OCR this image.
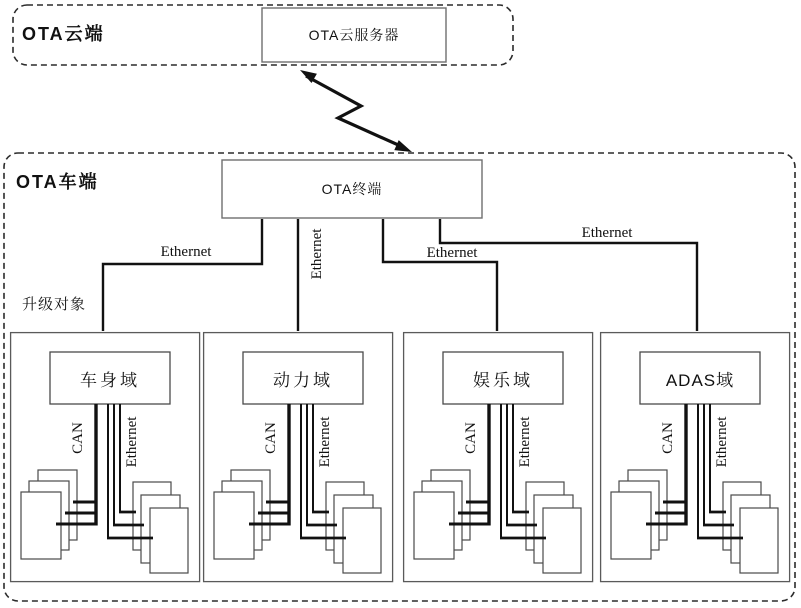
OTA云端	OTA云服务器
OTA车端	OTA终端
Ethernet	Ethernet	Ethernet
Ethernet
升级对象
车身域
CAN	Ethernet
动力域
CAN	Ethernet
娱乐域
CAN	Ethernet
ADAS域
CAN	Ethernet
